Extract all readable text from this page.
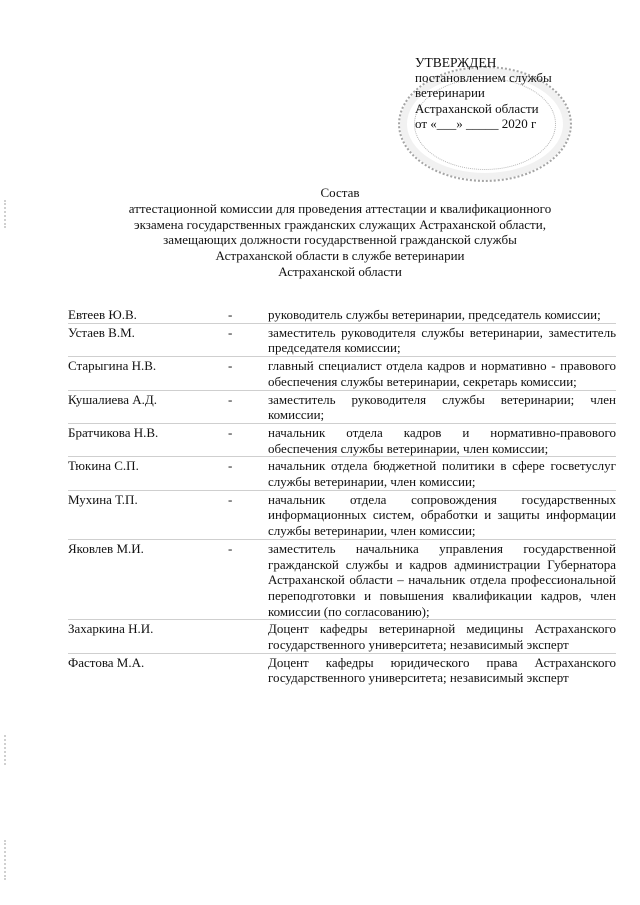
УТВЕРЖДЕН
постановлением службы
ветеринарии
Астраханской области
от «___» _____ 2020 г
Состав
аттестационной комиссии для проведения аттестации и квалификационного
экзамена государственных гражданских служащих Астраханской области,
замещающих должности государственной гражданской службы
Астраханской области в службе ветеринарии
Астраханской области
Евтеев Ю.В.	-	руководитель службы ветеринарии, председатель комиссии;
Устаев В.М.	-	заместитель руководителя службы ветеринарии, заместитель председателя комиссии;
Старыгина Н.В.	-	главный специалист отдела кадров и нормативно - правового обеспечения службы ветеринарии, секретарь комиссии;
Кушалиева А.Д.	-	заместитель руководителя службы ветеринарии; член комиссии;
Братчикова Н.В.	-	начальник отдела кадров и нормативно-правового обеспечения службы ветеринарии, член комиссии;
Тюкина С.П.	-	начальник отдела бюджетной политики в сфере госветуслуг службы ветеринарии, член комиссии;
Мухина Т.П.	-	начальник отдела сопровождения государственных информационных систем, обработки и защиты информации службы ветеринарии, член комиссии;
Яковлев М.И.	-	заместитель начальника управления государственной гражданской службы и кадров администрации Губернатора Астраханской области – начальник отдела профессиональной переподготовки и повышения квалификации кадров, член комиссии (по согласованию);
Захаркина Н.И.	Доцент кафедры ветеринарной медицины Астраханского государственного университета; независимый эксперт
Фастова М.А.	Доцент кафедры юридического права Астраханского государственного университета; независимый эксперт
